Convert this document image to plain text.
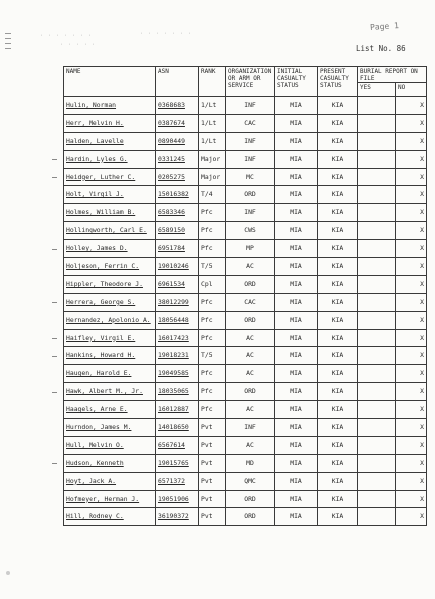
· · · · · · ·	· · · · · · ·
· · · · ·
Page 1
List No. 86
NAME	ASN	RANK	ORGANIZATION OR ARM OR SERVICE	INITIAL CASUALTY STATUS	PRESENT CASUALTY STATUS	BURIAL REPORT ON FILE	
						YES	NO
Hulin, Norman	0368683	1/Lt	INF	MIA	KIA		X
Herr, Melvin H.	0387674	1/Lt	CAC	MIA	KIA		X
Halden, Lavelle	0890449	1/Lt	INF	MIA	KIA		X
Hardin, Lyles G.	0331245	Major	INF	MIA	KIA		X
Heidger, Luther C.	0205275	Major	MC	MIA	KIA		X
Holt, Virgil J.	15016382	T/4	ORD	MIA	KIA		X
Holmes, William B.	6583346	Pfc	INF	MIA	KIA		X
Hollingworth, Carl E.	6589150	Pfc	CWS	MIA	KIA		X
Holley, James D.	6951784	Pfc	MP	MIA	KIA		X
Holjeson, Ferrin C.	19010246	T/5	AC	MIA	KIA		X
Hippler, Theodore J.	6961534	Cpl	ORD	MIA	KIA		X
Herrera, George S.	38012299	Pfc	CAC	MIA	KIA		X
Hernandez, Apolonio A.	18056448	Pfc	ORD	MIA	KIA		X
Haifley, Virgil E.	16017423	Pfc	AC	MIA	KIA		X
Hankins, Howard H.	19018231	T/5	AC	MIA	KIA		X
Haugen, Harold E.	19049585	Pfc	AC	MIA	KIA		X
Hawk, Albert M., Jr.	18035065	Pfc	ORD	MIA	KIA		X
Haagels, Arne E.	16012887	Pfc	AC	MIA	KIA		X
Hurndon, James M.	14018650	Pvt	INF	MIA	KIA		X
Hull, Melvin O.	6567614	Pvt	AC	MIA	KIA		X
Hudson, Kenneth	19015765	Pvt	MD	MIA	KIA		X
Hoyt, Jack A.	6571372	Pvt	QMC	MIA	KIA		X
Hofmeyer, Herman J.	19051906	Pvt	ORD	MIA	KIA		X
Hill, Rodney C.	36190372	Pvt	ORD	MIA	KIA		X
